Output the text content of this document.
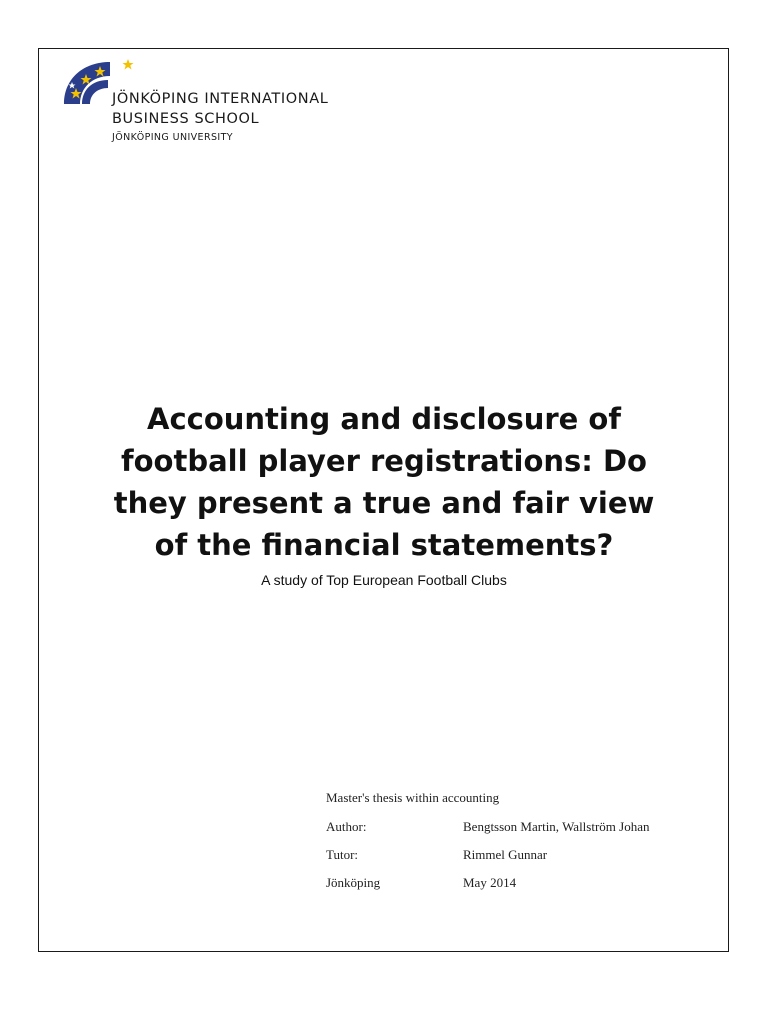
JÖNKÖPING INTERNATIONAL
BUSINESS SCHOOL
JÖNKÖPING UNIVERSITY
Accounting and disclosure of
football player registrations: Do
they present a true and fair view
of the financial statements?
A study of Top European Football Clubs
Master's thesis within accounting
Author:	Bengtsson Martin, Wallström Johan
Tutor:	Rimmel Gunnar
Jönköping	May 2014
